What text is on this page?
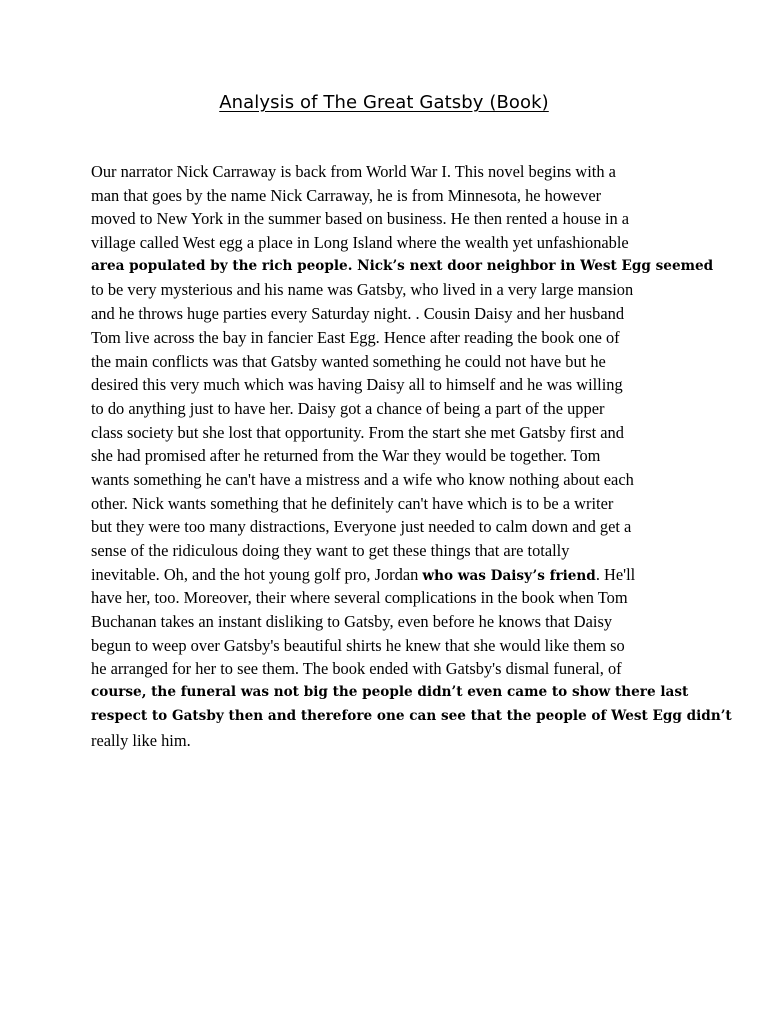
Analysis of The Great Gatsby (Book)
Our narrator Nick Carraway is back from World War I. This novel begins with a
man that goes by the name Nick Carraway, he is from Minnesota, he however
moved to New York in the summer based on business. He then rented a house in a
village called West egg a place in Long Island where the wealth yet unfashionable
area populated by the rich people. Nick’s next door neighbor in West Egg seemed
to be very mysterious and his name was Gatsby, who lived in a very large mansion
and he throws huge parties every Saturday night. . Cousin Daisy and her husband
Tom live across the bay in fancier East Egg. Hence after reading the book one of
the main conflicts was that Gatsby wanted something he could not have but he
desired this very much which was having Daisy all to himself and he was willing
to do anything just to have her. Daisy got a chance of being a part of the upper
class society but she lost that opportunity. From the start she met Gatsby first and
she had promised after he returned from the War they would be together. Tom
wants something he can't have a mistress and a wife who know nothing about each
other. Nick wants something that he definitely can't have which is to be a writer
but they were too many distractions, Everyone just needed to calm down and get a
sense of the ridiculous doing they want to get these things that are totally
inevitable. Oh, and the hot young golf pro, Jordan who was Daisy’s friend. He'll
have her, too. Moreover, their where several complications in the book when Tom
Buchanan takes an instant disliking to Gatsby, even before he knows that Daisy
begun to weep over Gatsby's beautiful shirts he knew that she would like them so
he arranged for her to see them. The book ended with Gatsby's dismal funeral, of
course, the funeral was not big the people didn’t even came to show there last
respect to Gatsby then and therefore one can see that the people of West Egg didn’t
really like him.
